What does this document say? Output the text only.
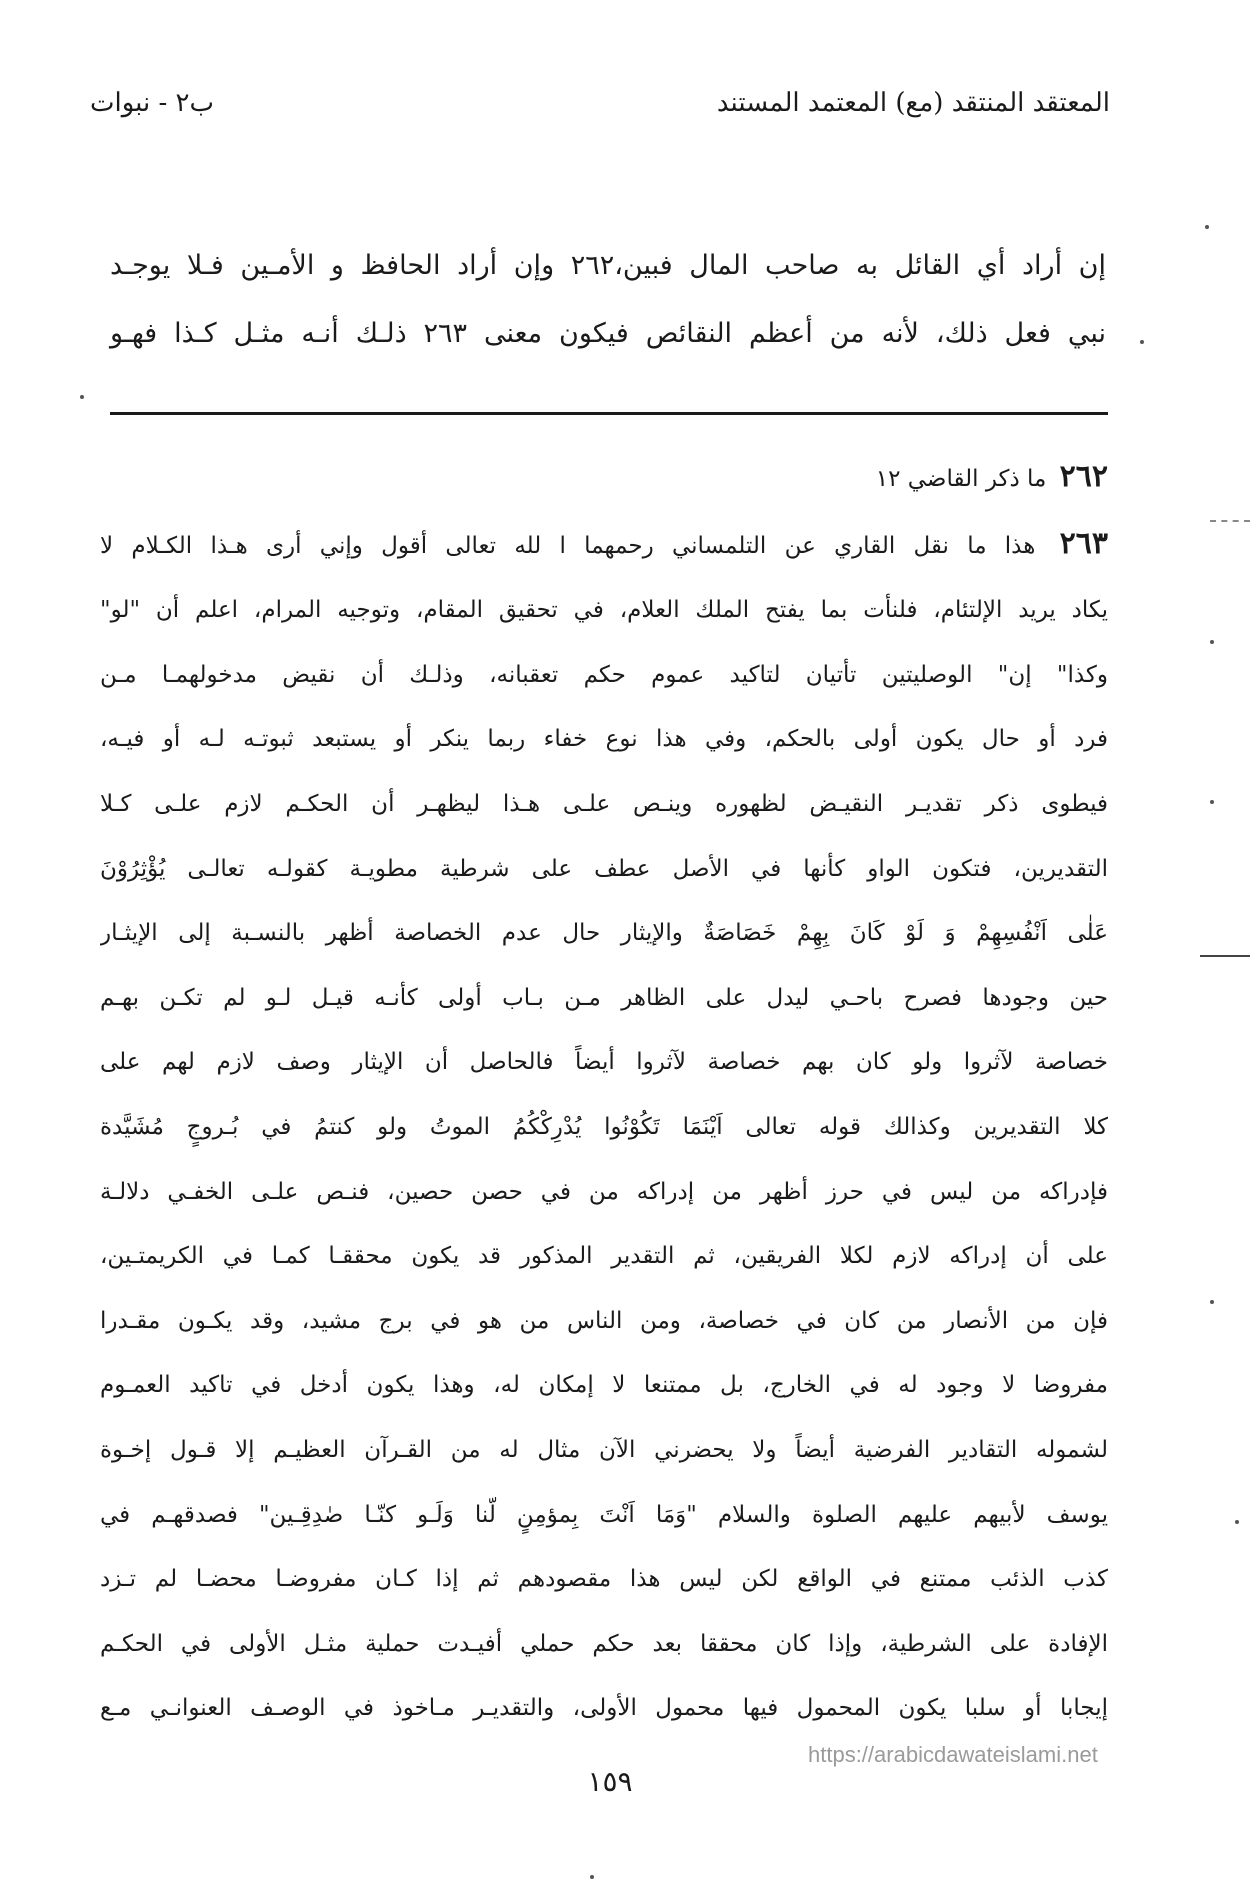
المعتقد المنتقد (مع) المعتمد المستند
ب٢ - نبوات

إن أراد أي القائل به صاحب المال فبين،٢٦٢ وإن أراد الحافظ و الأمـين فـلا يوجـد

نبي فعل ذلك، لأنه من أعظم النقائص فيكون معنى ٢٦٣ ذلـك أنـه مثـل كـذا فهـو

٢٦٢ ما ذكر القاضي ١٢
٢٦٣ هذا ما نقل القاري عن التلمساني رحمهما ا لله تعالى أقول وإني أرى هـذا الكـلام لا
يكاد يريد الإلتئام، فلنأت بما يفتح الملك العلام، في تحقيق المقام، وتوجيه المرام، اعلم أن "لو"
وكذا" إن" الوصليتين تأتيان لتاكيد عموم حكم تعقبانه، وذلـك أن نقيض مدخولهمـا مـن
فرد أو حال يكون أولى بالحكم، وفي هذا نوع خفاء ربما ينكر أو يستبعد ثبوتـه لـه أو فيـه،
فيطوى ذكر تقديـر النقيـض لظهوره وينـص علـى هـذا ليظهـر أن الحكـم لازم علـى كـلا
التقديرين، فتكون الواو كأنها في الأصل عطف على شرطية مطويـة كقولـه تعالـى يُؤْثِرُوْنَ
عَلٰى اَنْفُسِهِمْ وَ لَوْ كَانَ بِهِمْ خَصَاصَةٌ والإيثار حال عدم الخصاصة أظهر بالنسـبة إلى الإيثـار
حين وجودها فصرح باحـي ليدل على الظاهر مـن بـاب أولى كأنـه قيـل لـو لم تكـن بهـم
خصاصة لآثروا ولو كان بهم خصاصة لآثروا أيضاً فالحاصل أن الإيثار وصف لازم لهم على
كلا التقديرين وكذالك قوله تعالى اَيْنَمَا تَكُوْنُوا يُدْرِكْكُمُ الموتُ ولو كنتمُ في بُـروجٍ مُشَيَّدة
فإدراكه من ليس في حرز أظهر من إدراكه من في حصن حصين، فنـص علـى الخفـي دلالـة
على أن إدراكه لازم لكلا الفريقين، ثم التقدير المذكور قد يكون محققـا كمـا في الكريمتـين،
فإن من الأنصار من كان في خصاصة، ومن الناس من هو في برج مشيد، وقد يكـون مقـدرا
مفروضا لا وجود له في الخارج، بل ممتنعا لا إمكان له، وهذا يكون أدخل في تاكيد العمـوم
لشموله التقادير الفرضية أيضاً ولا يحضرني الآن مثال له من القـرآن العظيـم إلا قـول إخـوة
يوسف لأبيهم عليهم الصلوة والسلام "وَمَا اَنْتَ بِمؤمِنٍ لّنا وَلَـو كنّـا صٰدِقِـين" فصدقهـم في
كذب الذئب ممتنع في الواقع لكن ليس هذا مقصودهم ثم إذا كـان مفروضـا محضـا لم تـزد
الإفادة على الشرطية، وإذا كان محققا بعد حكم حملي أفيـدت حملية مثـل الأولى في الحكـم
إيجابا أو سلبا يكون المحمول فيها محمول الأولى، والتقديـر مـاخوذ في الوصـف العنوانـي مـع
١٥٩
https://arabicdawateislami.net
